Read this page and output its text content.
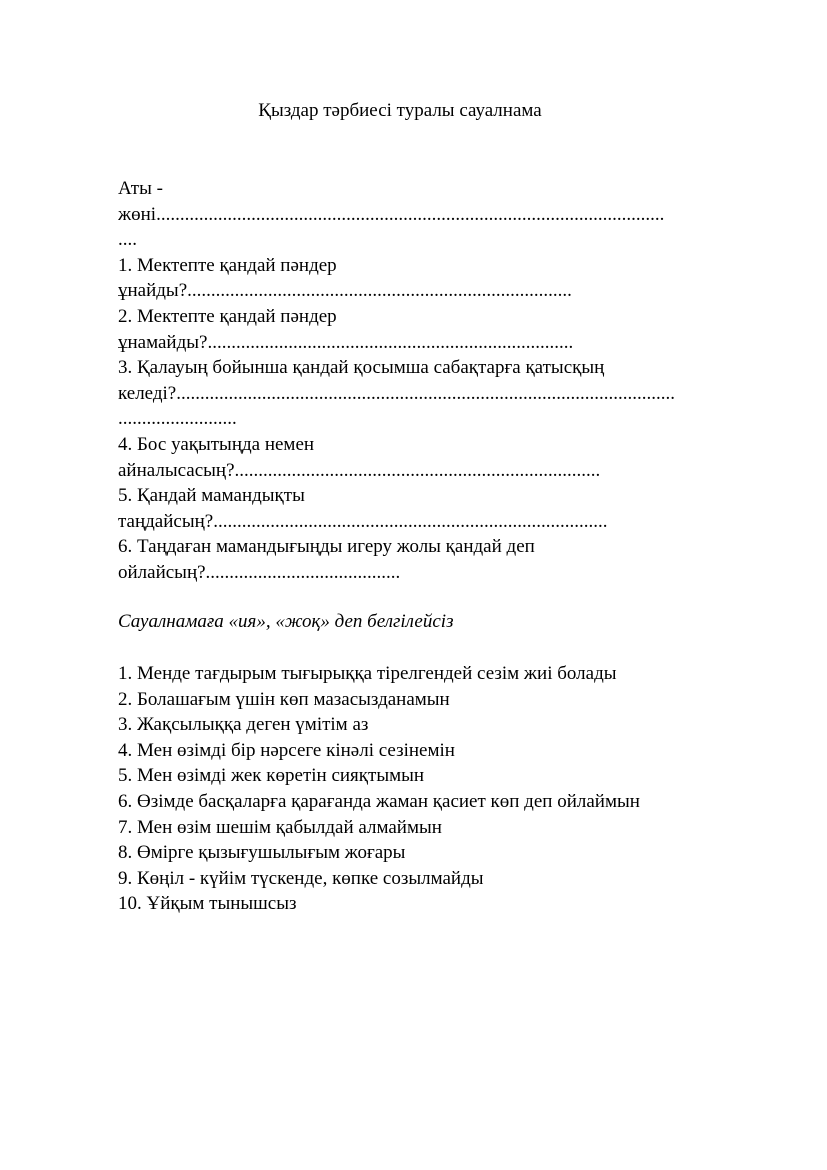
Қыздар тәрбиесі туралы сауалнама
Аты -
жөні...........................................................................................................
....
1. Мектепте қандай пәндер
ұнайды?.................................................................................
2. Мектепте қандай пәндер
ұнамайды?.............................................................................
3. Қалауың бойынша қандай қосымша сабақтарға қатысқың
келеді?.........................................................................................................
.........................
4. Бос уақытыңда немен
айналысасың?.............................................................................
5. Қандай мамандықты
таңдайсың?...................................................................................
6. Таңдаған мамандығыңды игеру жолы қандай деп
ойлайсың?.........................................
Сауалнамаға «ия», «жоқ» деп белгілейсіз
1. Менде тағдырым тығырыққа тірелгендей сезім жиі болады
2. Болашағым үшін көп мазасызданамын
3. Жақсылыққа деген үмітім аз
4. Мен өзімді бір нәрсеге кінәлі сезінемін
5. Мен өзімді жек көретін сияқтымын
6. Өзімде басқаларға қарағанда жаман қасиет көп деп ойлаймын
7. Мен өзім шешім қабылдай алмаймын
8. Өмірге қызығушылығым жоғары
9. Көңіл - күйім түскенде, көпке созылмайды
10. Ұйқым тынышсыз
